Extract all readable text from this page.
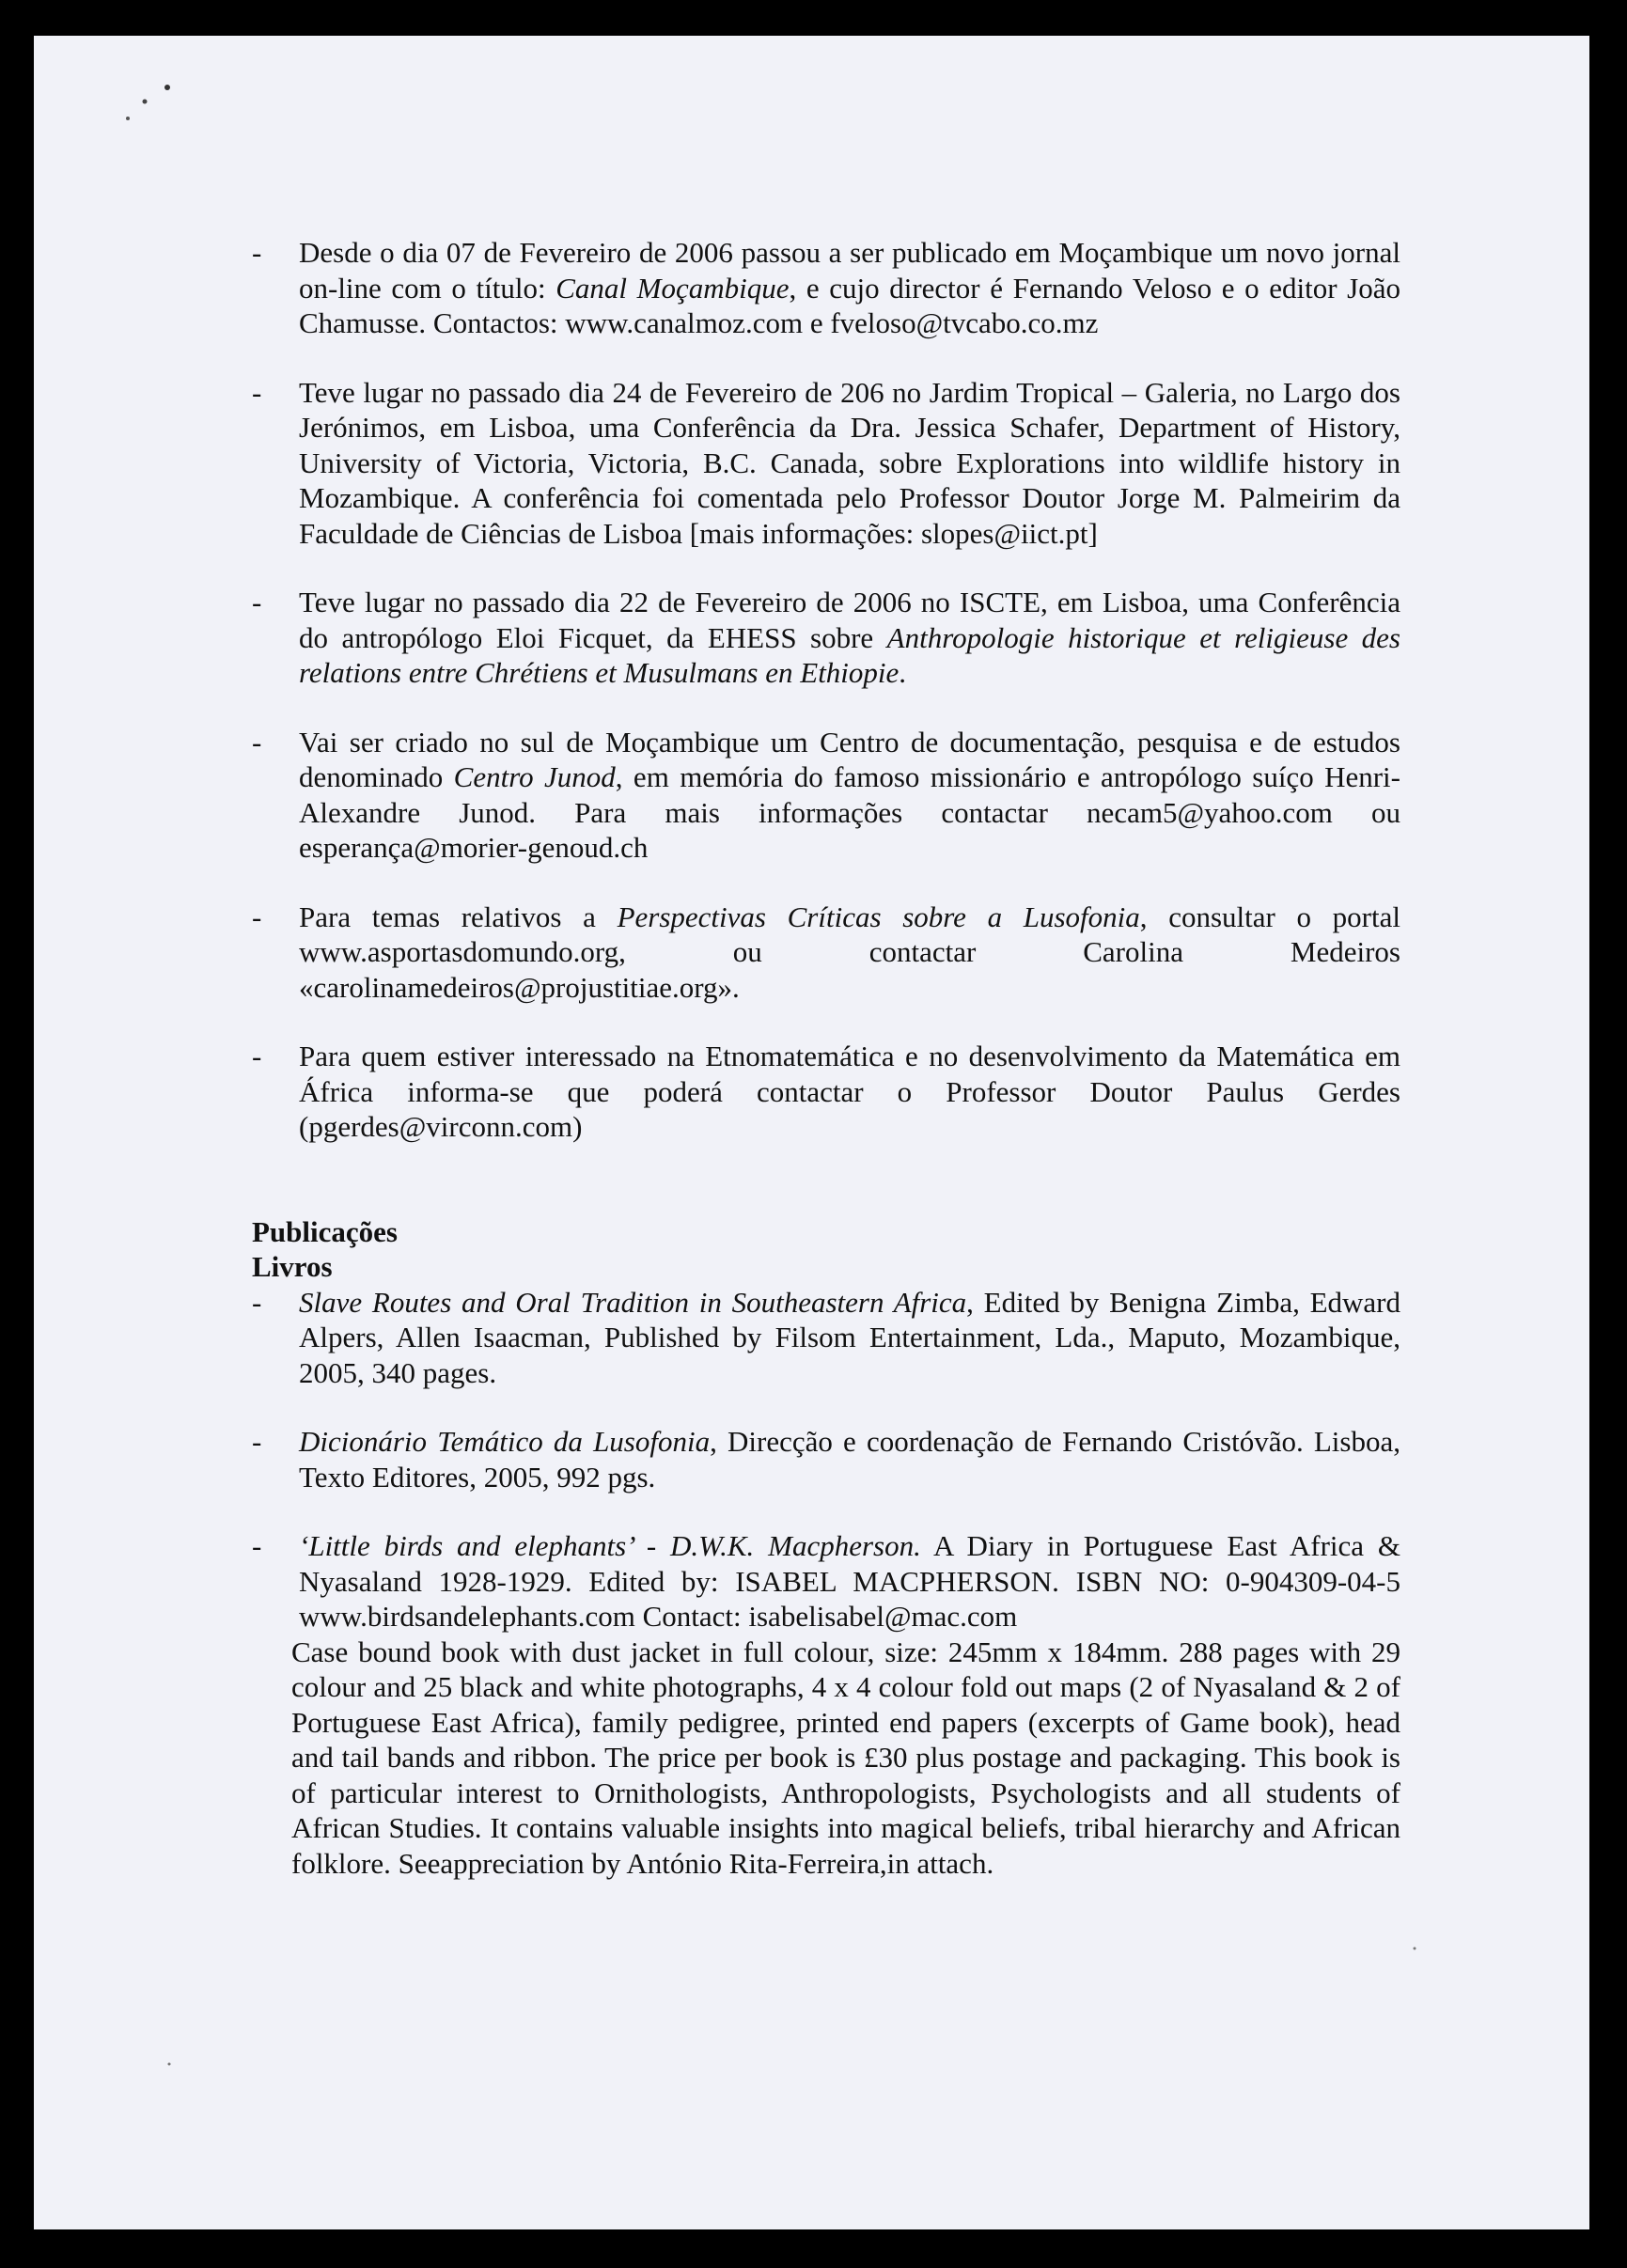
- Desde o dia 07 de Fevereiro de 2006 passou a ser publicado em Moçambique um novo jornal on-line com o título: Canal Moçambique, e cujo director é Fernando Veloso e o editor João Chamusse. Contactos: www.canalmoz.com e fveloso@tvcabo.co.mz
- Teve lugar no passado dia 24 de Fevereiro de 206 no Jardim Tropical – Galeria, no Largo dos Jerónimos, em Lisboa, uma Conferência da Dra. Jessica Schafer, Department of History, University of Victoria, Victoria, B.C. Canada, sobre Explorations into wildlife history in Mozambique. A conferência foi comentada pelo Professor Doutor Jorge M. Palmeirim da Faculdade de Ciências de Lisboa [mais informações: slopes@iict.pt]
- Teve lugar no passado dia 22 de Fevereiro de 2006 no ISCTE, em Lisboa, uma Conferência do antropólogo Eloi Ficquet, da EHESS sobre Anthropologie historique et religieuse des relations entre Chrétiens et Musulmans en Ethiopie.
- Vai ser criado no sul de Moçambique um Centro de documentação, pesquisa e de estudos denominado Centro Junod, em memória do famoso missionário e antropólogo suíço Henri-Alexandre Junod. Para mais informações contactar necam5@yahoo.com ou esperança@morier-genoud.ch
- Para temas relativos a Perspectivas Críticas sobre a Lusofonia, consultar o portal www.asportasdomundo.org, ou contactar Carolina Medeiros «carolinamedeiros@projustitiae.org».
- Para quem estiver interessado na Etnomatemática e no desenvolvimento da Matemática em África informa-se que poderá contactar o Professor Doutor Paulus Gerdes (pgerdes@virconn.com)
Publicações
Livros
- Slave Routes and Oral Tradition in Southeastern Africa, Edited by Benigna Zimba, Edward Alpers, Allen Isaacman, Published by Filsom Entertainment, Lda., Maputo, Mozambique, 2005, 340 pages.
- Dicionário Temático da Lusofonia, Direcção e coordenação de Fernando Cristóvão. Lisboa, Texto Editores, 2005, 992 pgs.
- ‘Little birds and elephants’ - D.W.K. Macpherson. A Diary in Portuguese East Africa & Nyasaland 1928-1929. Edited by: ISABEL MACPHERSON. ISBN NO: 0-904309-04-5 www.birdsandelephants.com Contact: isabelisabel@mac.com
Case bound book with dust jacket in full colour, size: 245mm x 184mm. 288 pages with 29 colour and 25 black and white photographs, 4 x 4 colour fold out maps (2 of Nyasaland & 2 of Portuguese East Africa), family pedigree, printed end papers (excerpts of Game book), head and tail bands and ribbon. The price per book is £30 plus postage and packaging. This book is of particular interest to Ornithologists, Anthropologists, Psychologists and all students of African Studies. It contains valuable insights into magical beliefs, tribal hierarchy and African folklore. Seeappreciation by António Rita-Ferreira,in attach.
